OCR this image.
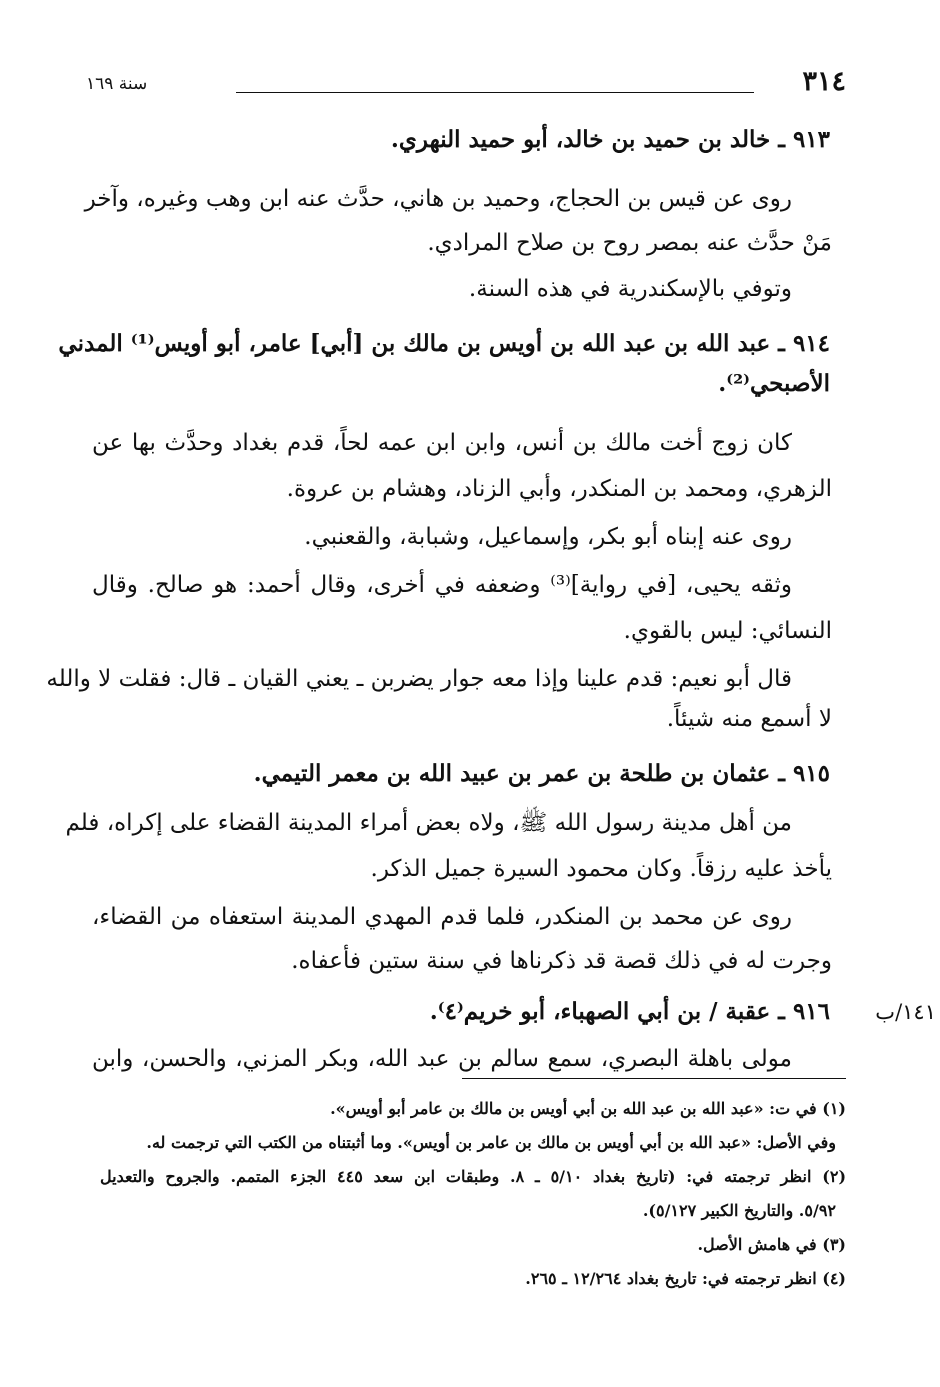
سنة ١٦٩	٣١٤
٩١٣ ـ خالد بن حميد بن خالد، أبو حميد النهري.
روى عن قيس بن الحجاج، وحميد بن هاني، حدَّث عنه ابن وهب وغيره، وآخر
مَنْ حدَّث عنه بمصر روح بن صلاح المرادي.
وتوفي بالإسكندرية في هذه السنة.
٩١٤ ـ عبد الله بن عبد الله بن أويس بن مالك بن [أبي] عامر، أبو أويس⁽¹⁾ المدني
الأصبحي⁽²⁾.
كان زوج أخت مالك بن أنس، وابن ابن عمه لحاً، قدم بغداد وحدَّث بها عن
الزهري، ومحمد بن المنكدر، وأبي الزناد، وهشام بن عروة.
روى عنه إبناه أبو بكر، وإسماعيل، وشبابة، والقعنبي.
وثقه يحيى، [في رواية]⁽³⁾ وضعفه في أخرى، وقال أحمد: هو صالح. وقال
النسائي: ليس بالقوي.
قال أبو نعيم: قدم علينا وإذا معه جوار يضربن ـ يعني القيان ـ قال: فقلت لا والله
لا أسمع منه شيئاً.
٩١٥ ـ عثمان بن طلحة بن عمر بن عبيد الله بن معمر التيمي.
من أهل مدينة رسول الله ﷺ، ولاه بعض أمراء المدينة القضاء على إكراه، فلم
يأخذ عليه رزقاً. وكان محمود السيرة جميل الذكر.
روى عن محمد بن المنكدر، فلما قدم المهدي المدينة استعفاه من القضاء،
وجرت له في ذلك قصة قد ذكرناها في سنة ستين فأعفاه.
١٤١/ب
٩١٦ ـ عقبة / بن أبي الصهباء، أبو خريم⁽٤⁾.
مولى باهلة البصري، سمع سالم بن عبد الله، وبكر المزني، والحسن، وابن
(١) في ت: «عبد الله بن عبد الله بن أبي أويس بن مالك بن عامر أبو أويس».
وفي الأصل: «عبد الله بن أبي أويس بن مالك بن عامر بن أويس». وما أثبتناه من الكتب التي ترجمت له.
(٢) انظر ترجمته في: (تاريخ بغداد ٥/١٠ ـ ٨. وطبقات ابن سعد ٤٤٥ الجزء المتمم. والجروح والتعديل
٥/٩٢. والتاريخ الكبير ٥/١٢٧).
(٣) في هامش الأصل.
(٤) انظر ترجمته في: تاريخ بغداد ١٢/٢٦٤ ـ ٢٦٥.
